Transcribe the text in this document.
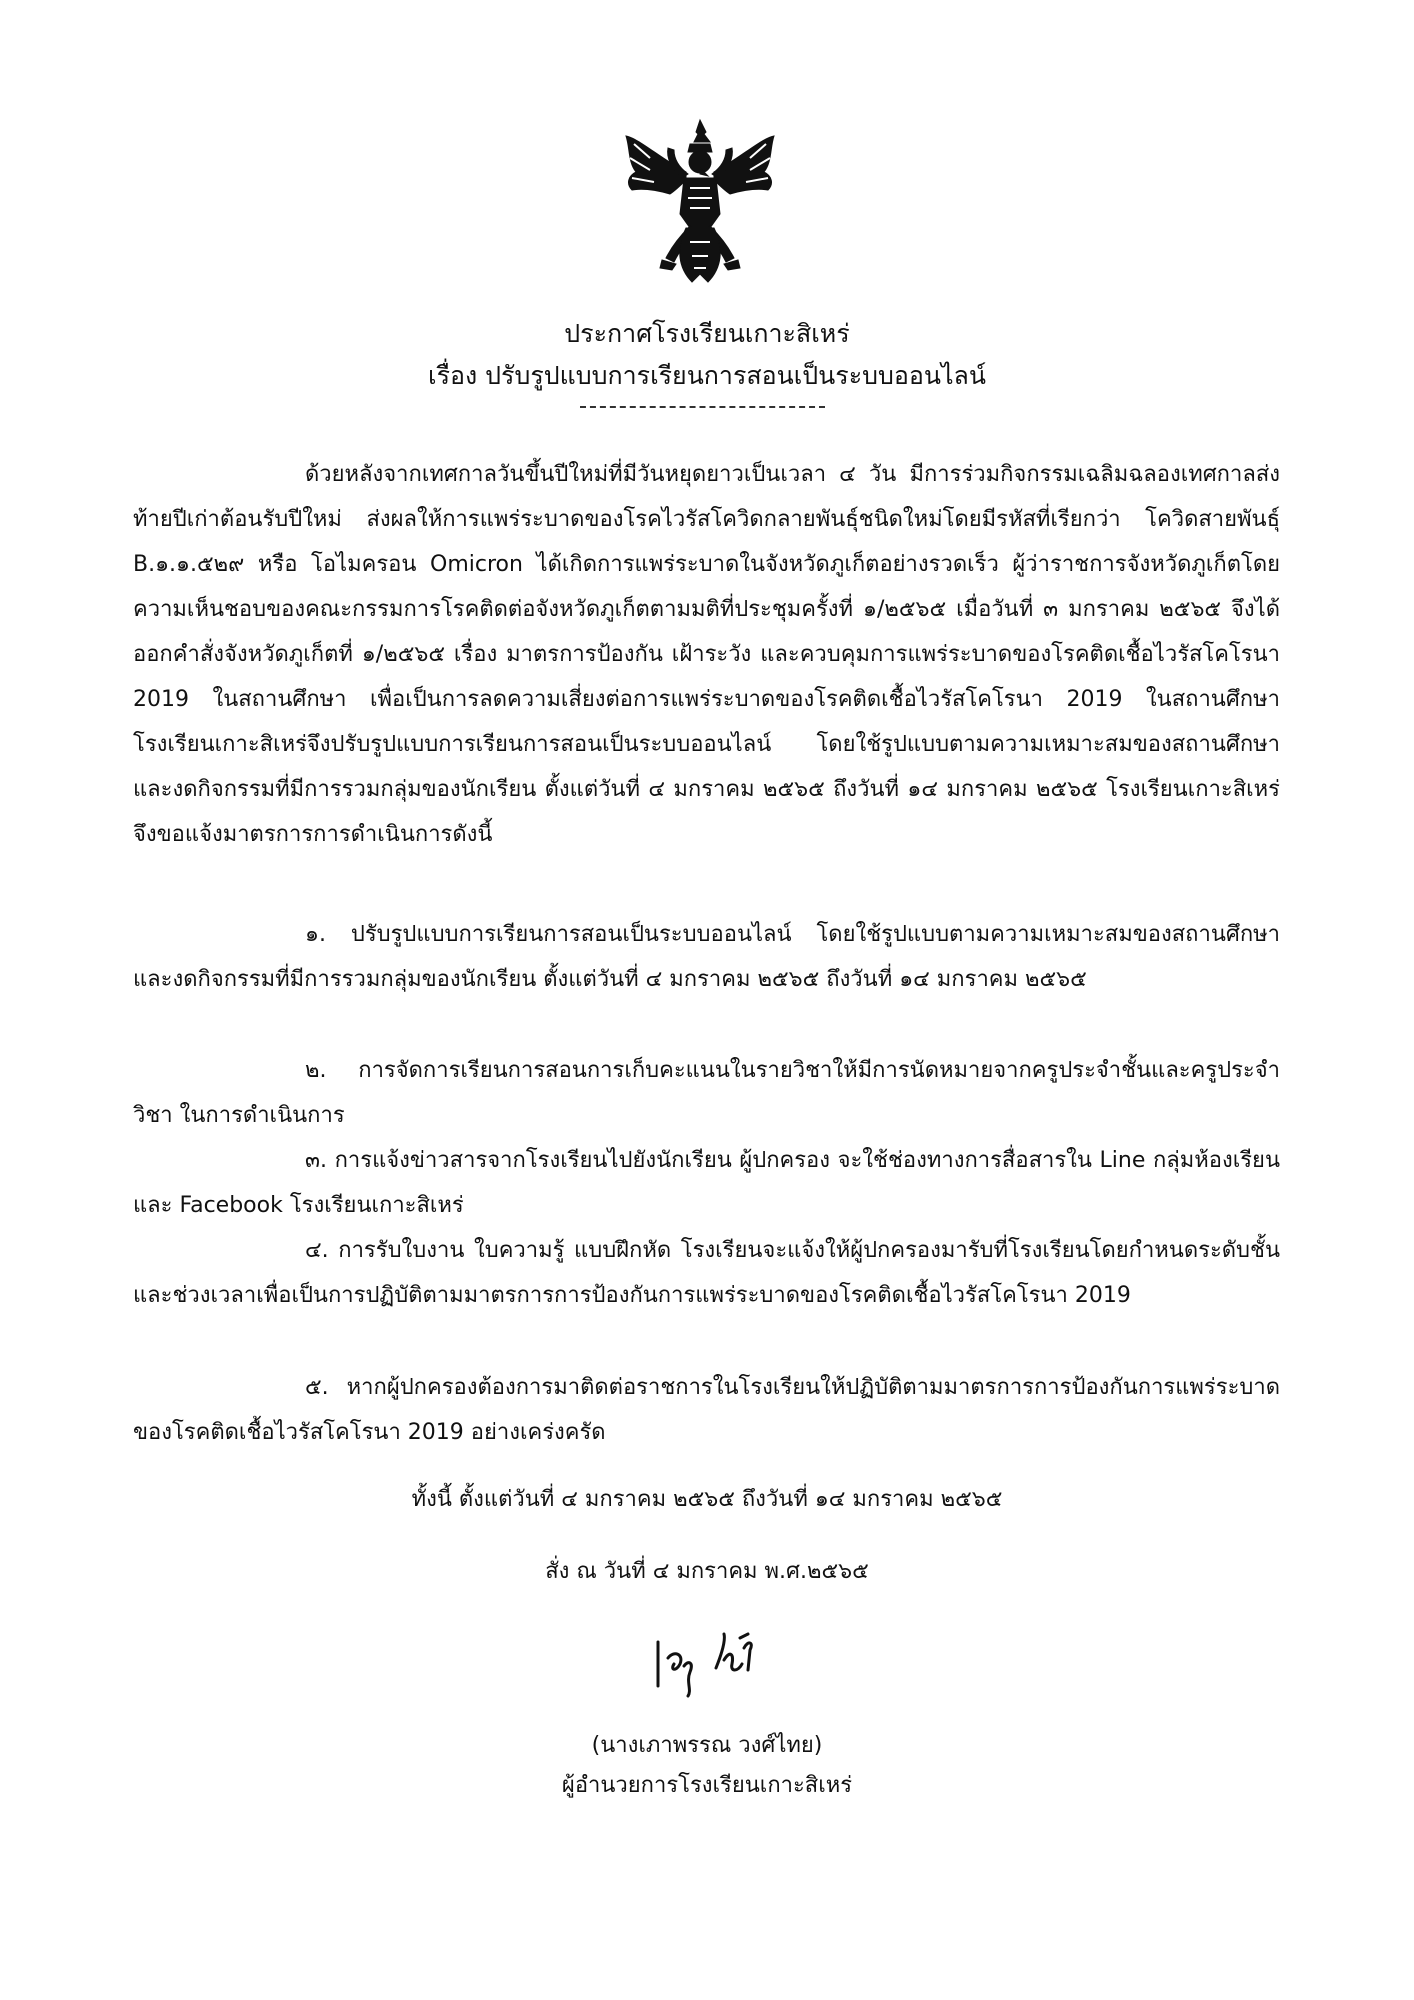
ประกาศโรงเรียนเกาะสิเหร่
เรื่อง ปรับรูปแบบการเรียนการสอนเป็นระบบออนไลน์

ด้วยหลังจากเทศกาลวันขึ้นปีใหม่ที่มีวันหยุดยาวเป็นเวลา ๔ วัน มีการร่วมกิจกรรมเฉลิมฉลองเทศกาลส่งท้ายปีเก่าต้อนรับปีใหม่ ส่งผลให้การแพร่ระบาดของโรคไวรัสโควิดกลายพันธุ์ชนิดใหม่โดยมีรหัสที่เรียกว่า โควิดสายพันธุ์ B.๑.๑.๕๒๙ หรือ โอไมครอน Omicron ได้เกิดการแพร่ระบาดในจังหวัดภูเก็ตอย่างรวดเร็ว ผู้ว่าราชการจังหวัดภูเก็ตโดยความเห็นชอบของคณะกรรมการโรคติดต่อจังหวัดภูเก็ตตามมติที่ประชุมครั้งที่ ๑/๒๕๖๕ เมื่อวันที่ ๓ มกราคม ๒๕๖๕ จึงได้ออกคำสั่งจังหวัดภูเก็ตที่ ๑/๒๕๖๕ เรื่อง มาตรการป้องกัน เฝ้าระวัง และควบคุมการแพร่ระบาดของโรคติดเชื้อไวรัสโคโรนา 2019 ในสถานศึกษา เพื่อเป็นการลดความเสี่ยงต่อการแพร่ระบาดของโรคติดเชื้อไวรัสโคโรนา 2019 ในสถานศึกษา โรงเรียนเกาะสิเหร่จึงปรับรูปแบบการเรียนการสอนเป็นระบบออนไลน์ โดยใช้รูปแบบตามความเหมาะสมของสถานศึกษาและงดกิจกรรมที่มีการรวมกลุ่มของนักเรียน ตั้งแต่วันที่ ๔ มกราคม ๒๕๖๕ ถึงวันที่ ๑๔ มกราคม ๒๕๖๕ โรงเรียนเกาะสิเหร่ จึงขอแจ้งมาตรการการดำเนินการดังนี้

๑. ปรับรูปแบบการเรียนการสอนเป็นระบบออนไลน์ โดยใช้รูปแบบตามความเหมาะสมของสถานศึกษาและงดกิจกรรมที่มีการรวมกลุ่มของนักเรียน ตั้งแต่วันที่ ๔ มกราคม ๒๕๖๕ ถึงวันที่ ๑๔ มกราคม ๒๕๖๕

๒. การจัดการเรียนการสอนการเก็บคะแนนในรายวิชาให้มีการนัดหมายจากครูประจำชั้นและครูประจำวิชา ในการดำเนินการ

๓. การแจ้งข่าวสารจากโรงเรียนไปยังนักเรียน ผู้ปกครอง จะใช้ช่องทางการสื่อสารใน Line กลุ่มห้องเรียน และ Facebook โรงเรียนเกาะสิเหร่

๔. การรับใบงาน ใบความรู้ แบบฝึกหัด โรงเรียนจะแจ้งให้ผู้ปกครองมารับที่โรงเรียนโดยกำหนดระดับชั้นและช่วงเวลาเพื่อเป็นการปฏิบัติตามมาตรการการป้องกันการแพร่ระบาดของโรคติดเชื้อไวรัสโคโรนา 2019

๕. หากผู้ปกครองต้องการมาติดต่อราชการในโรงเรียนให้ปฏิบัติตามมาตรการการป้องกันการแพร่ระบาดของโรคติดเชื้อไวรัสโคโรนา 2019 อย่างเคร่งครัด

ทั้งนี้ ตั้งแต่วันที่ ๔ มกราคม ๒๕๖๕ ถึงวันที่ ๑๔ มกราคม ๒๕๖๕
สั่ง ณ วันที่ ๔ มกราคม พ.ศ.๒๕๖๕
(นางเภาพรรณ วงศ์ไทย)
ผู้อำนวยการโรงเรียนเกาะสิเหร่
